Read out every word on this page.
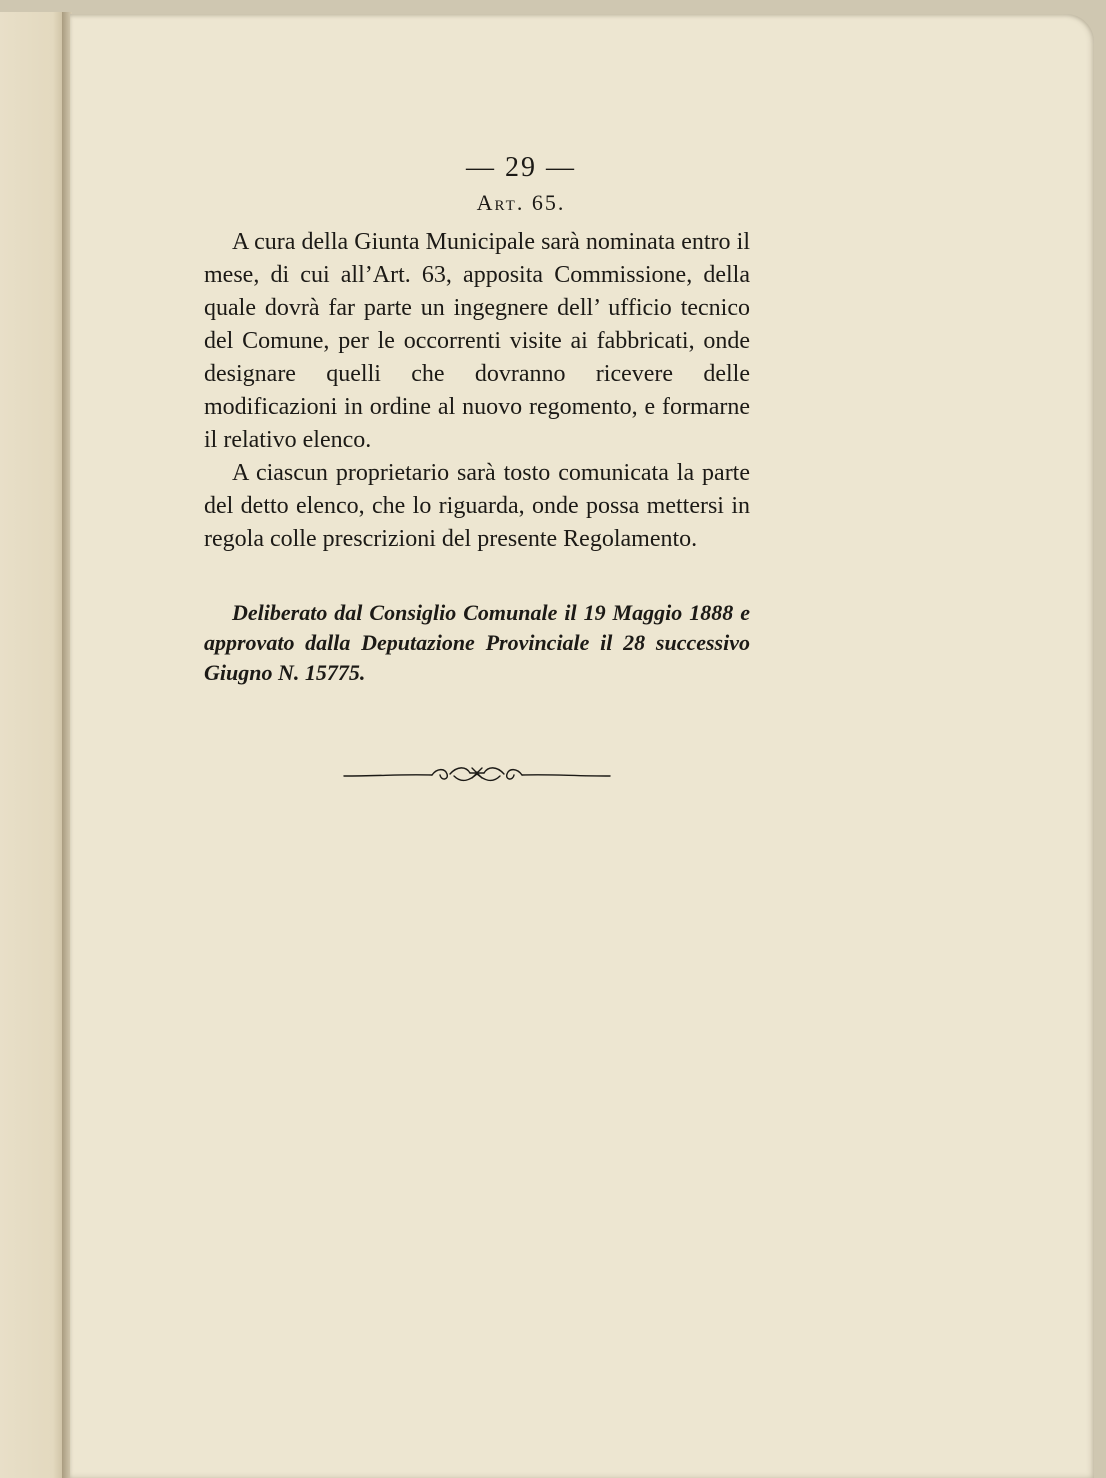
— 29 —
Art. 65.

A cura della Giunta Municipale sarà nominata entro il mese, di cui all’Art. 63, apposita Commissione, della quale dovrà far parte un ingegnere dell’ ufficio tecnico del Comune, per le occorrenti visite ai fabbricati, onde designare quelli che dovranno ricevere delle modificazioni in ordine al nuovo regomento, e formarne il relativo elenco.

A ciascun proprietario sarà tosto comunicata la parte del detto elenco, che lo riguarda, onde possa mettersi in regola colle prescrizioni del presente Regolamento.

Deliberato dal Consiglio Comunale il 19 Maggio 1888 e approvato dalla Deputazione Provinciale il 28 successivo Giugno N. 15775.
